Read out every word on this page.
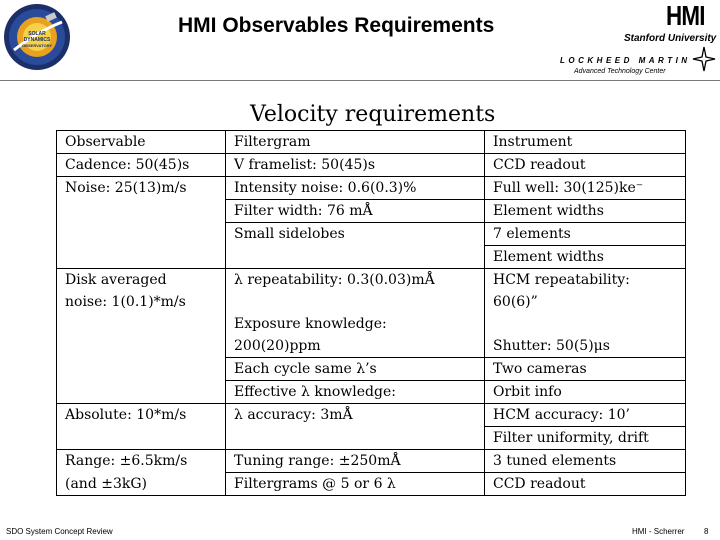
SOLAR
DYNAMICS
OBSERVATORY
HMI Observables Requirements	HMI
Stanford University
LOCKHEED MARTIN
Advanced Technology Center
Velocity requirements
Observable	Filtergram	Instrument
Cadence: 50(45)s	V framelist: 50(45)s	CCD readout
Noise: 25(13)m/s	Intensity noise: 0.6(0.3)%	Full well: 30(125)ke⁻
	Filter width: 76 mÅ	Element widths
	Small sidelobes	7 elements
		Element widths
Disk averaged	λ repeatability: 0.3(0.03)mÅ	HCM repeatability:
noise: 1(0.1)*m/s		60(6)”
	Exposure knowledge:	
	200(20)ppm	Shutter: 50(5)μs
	Each cycle same λ’s	Two cameras
	Effective λ knowledge:	Orbit info
Absolute: 10*m/s	λ accuracy: 3mÅ	HCM accuracy: 10’
		Filter uniformity, drift
Range: ±6.5km/s	Tuning range: ±250mÅ	3 tuned elements
(and ±3kG)	Filtergrams @ 5 or 6 λ	CCD readout
SDO System Concept Review	HMI - Scherrer 8
